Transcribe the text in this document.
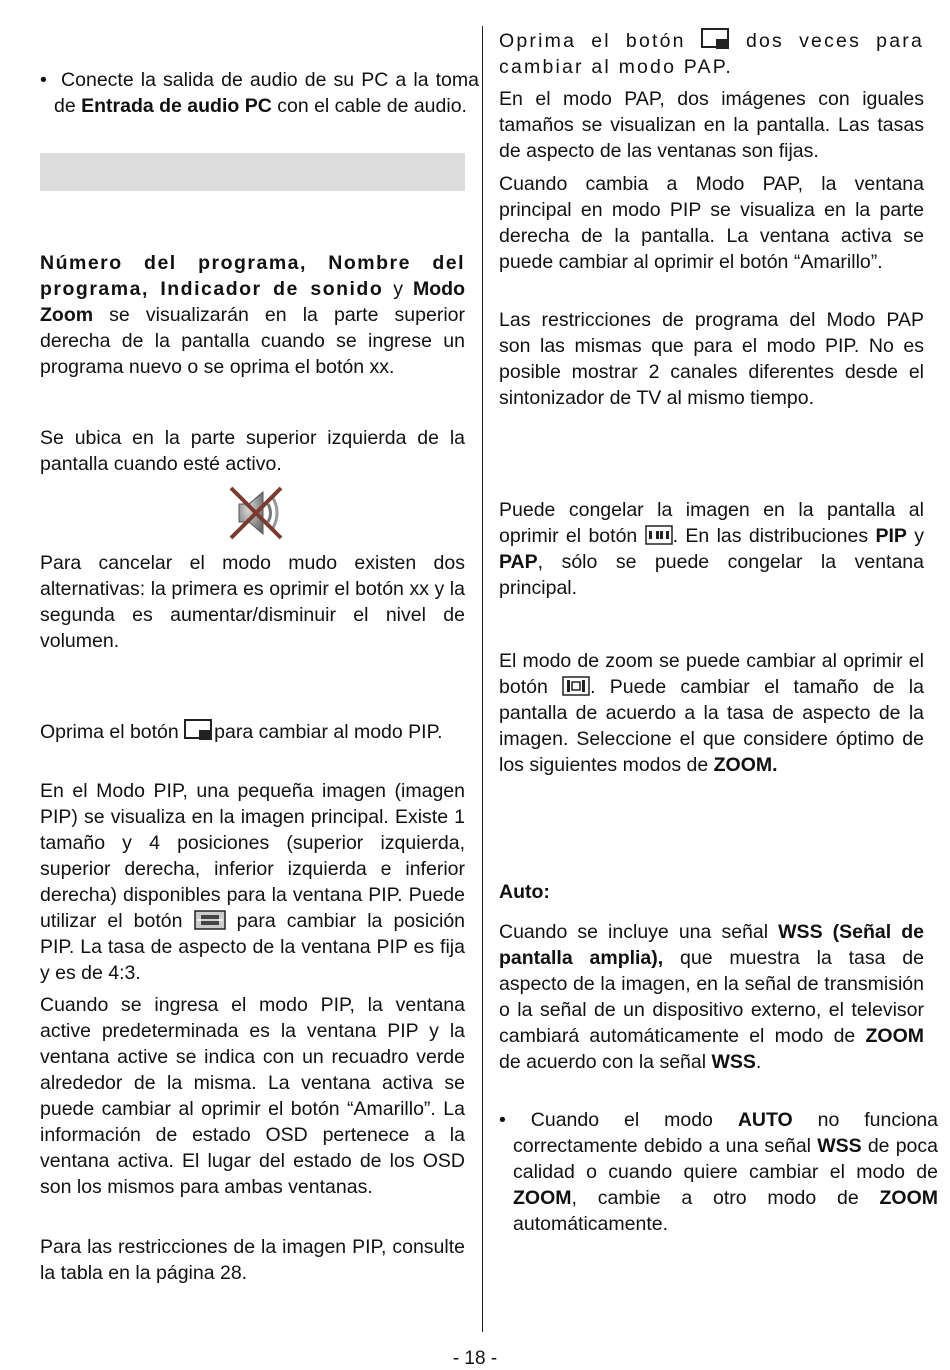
•  Conecte la salida de audio de su PC a la toma de Entrada de audio PC con el cable de audio.

Número del programa, Nombre del programa, Indicador de sonido y Modo Zoom se visualizarán en la parte superior derecha de la pantalla cuando se ingrese un programa nuevo o se oprima el botón xx.

Se ubica en la parte superior izquierda de la pantalla cuando esté activo.

Para cancelar el modo mudo existen dos alternativas: la primera es oprimir el botón xx y la segunda es aumentar/disminuir el nivel de volumen.

Oprima el botón para cambiar al modo PIP.

En el Modo PIP, una pequeña imagen (imagen PIP) se visualiza en la imagen principal. Existe 1 tamaño y 4 posiciones (superior izquierda, superior derecha, inferior izquierda e inferior derecha) disponibles para la ventana PIP. Puede utilizar el botón  para cambiar la posición PIP. La tasa de aspecto de la ventana PIP es fija y es de 4:3.

Cuando se ingresa el modo PIP, la ventana active predeterminada es la ventana PIP y la ventana active se indica con un recuadro verde alrededor de la misma. La ventana activa se puede cambiar al oprimir el botón “Amarillo”. La información de estado OSD pertenece a la ventana activa. El lugar del estado de los OSD son los mismos para ambas ventanas.

Para las restricciones de la imagen PIP, consulte la tabla en la página 28.

Oprima el botón  dos veces para cambiar al modo PAP.

En el modo PAP, dos imágenes con iguales tamaños se visualizan en la pantalla. Las tasas de aspecto de las ventanas son fijas.

Cuando cambia a Modo PAP, la ventana principal en modo PIP se visualiza en la parte derecha de la pantalla. La ventana activa se puede cambiar al oprimir el botón “Amarillo”.

Las restricciones de programa del Modo PAP son las mismas que para el modo PIP. No es posible mostrar 2 canales diferentes desde el sintonizador de TV al mismo tiempo.

Puede congelar la imagen en la pantalla al oprimir el botón . En las distribuciones PIP y PAP, sólo se puede congelar la ventana principal.

El modo de zoom se puede cambiar al oprimir el botón . Puede cambiar el tamaño de la pantalla de acuerdo a la tasa de aspecto de la imagen. Seleccione el que considere óptimo de los siguientes modos de ZOOM.

Auto:

Cuando se incluye una señal WSS (Señal de pantalla amplia), que muestra la tasa de aspecto de la imagen, en la señal de transmisión o la señal de un dispositivo externo, el televisor cambiará automáticamente el modo de ZOOM de acuerdo con la señal WSS.

• Cuando el modo AUTO no funciona correctamente debido a una señal WSS de poca calidad o cuando quiere cambiar el modo de ZOOM, cambie a otro modo de ZOOM automáticamente.

- 18 -
